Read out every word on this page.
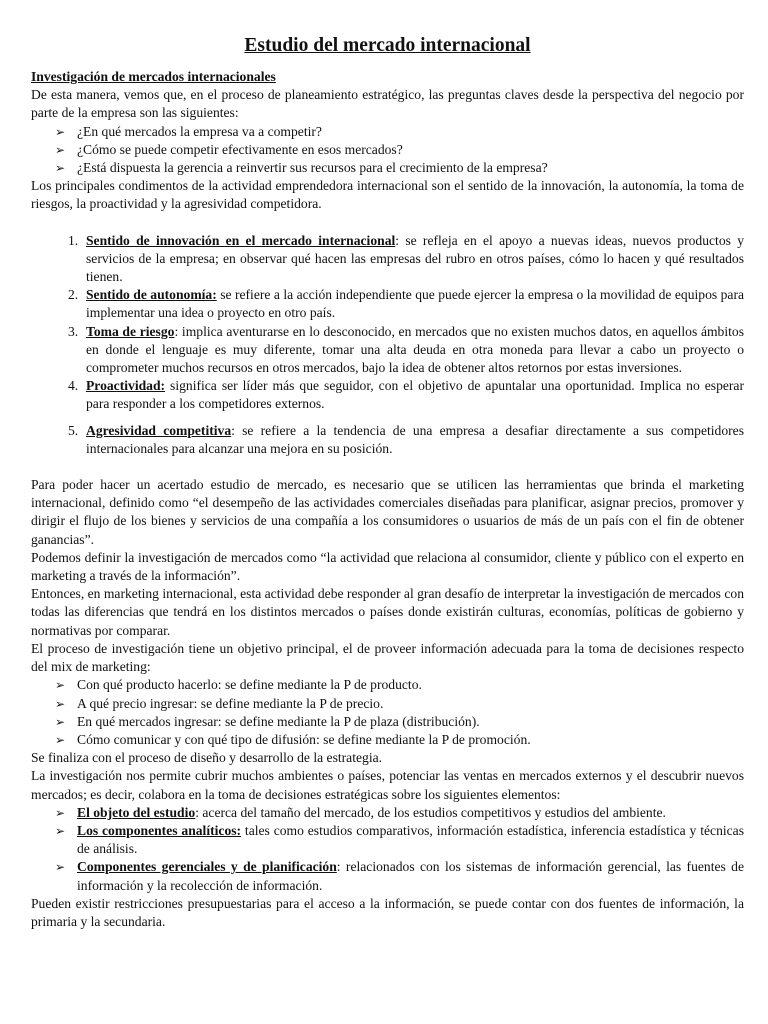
Estudio del mercado internacional

Investigación de mercados internacionales

De esta manera, vemos que, en el proceso de planeamiento estratégico, las preguntas claves desde la perspectiva del negocio por parte de la empresa son las siguientes:

➢ ¿En qué mercados la empresa va a competir?
➢ ¿Cómo se puede competir efectivamente en esos mercados?
➢ ¿Está dispuesta la gerencia a reinvertir sus recursos para el crecimiento de la empresa?

Los principales condimentos de la actividad emprendedora internacional son el sentido de la innovación, la autonomía, la toma de riesgos, la proactividad y la agresividad competidora.

1. Sentido de innovación en el mercado internacional: se refleja en el apoyo a nuevas ideas, nuevos productos y servicios de la empresa; en observar qué hacen las empresas del rubro en otros países, cómo lo hacen y qué resultados tienen.
2. Sentido de autonomía: se refiere a la acción independiente que puede ejercer la empresa o la movilidad de equipos para implementar una idea o proyecto en otro país.
3. Toma de riesgo: implica aventurarse en lo desconocido, en mercados que no existen muchos datos, en aquellos ámbitos en donde el lenguaje es muy diferente, tomar una alta deuda en otra moneda para llevar a cabo un proyecto o comprometer muchos recursos en otros mercados, bajo la idea de obtener altos retornos por estas inversiones.
4. Proactividad: significa ser líder más que seguidor, con el objetivo de apuntalar una oportunidad. Implica no esperar para responder a los competidores externos.
5. Agresividad competitiva: se refiere a la tendencia de una empresa a desafiar directamente a sus competidores internacionales para alcanzar una mejora en su posición.

Para poder hacer un acertado estudio de mercado, es necesario que se utilicen las herramientas que brinda el marketing internacional, definido como “el desempeño de las actividades comerciales diseñadas para planificar, asignar precios, promover y dirigir el flujo de los bienes y servicios de una compañía a los consumidores o usuarios de más de un país con el fin de obtener ganancias”.

Podemos definir la investigación de mercados como “la actividad que relaciona al consumidor, cliente y público con el experto en marketing a través de la información”.

Entonces, en marketing internacional, esta actividad debe responder al gran desafío de interpretar la investigación de mercados con todas las diferencias que tendrá en los distintos mercados o países donde existirán culturas, economías, políticas de gobierno y normativas por comparar.

El proceso de investigación tiene un objetivo principal, el de proveer información adecuada para la toma de decisiones respecto del mix de marketing:

➢ Con qué producto hacerlo: se define mediante la P de producto.
➢ A qué precio ingresar: se define mediante la P de precio.
➢ En qué mercados ingresar: se define mediante la P de plaza (distribución).
➢ Cómo comunicar y con qué tipo de difusión: se define mediante la P de promoción.

Se finaliza con el proceso de diseño y desarrollo de la estrategia.

La investigación nos permite cubrir muchos ambientes o países, potenciar las ventas en mercados externos y el descubrir nuevos mercados; es decir, colabora en la toma de decisiones estratégicas sobre los siguientes elementos:

➢ El objeto del estudio: acerca del tamaño del mercado, de los estudios competitivos y estudios del ambiente.
➢ Los componentes analíticos: tales como estudios comparativos, información estadística, inferencia estadística y técnicas de análisis.
➢ Componentes gerenciales y de planificación: relacionados con los sistemas de información gerencial, las fuentes de información y la recolección de información.

Pueden existir restricciones presupuestarias para el acceso a la información, se puede contar con dos fuentes de información, la primaria y la secundaria.
